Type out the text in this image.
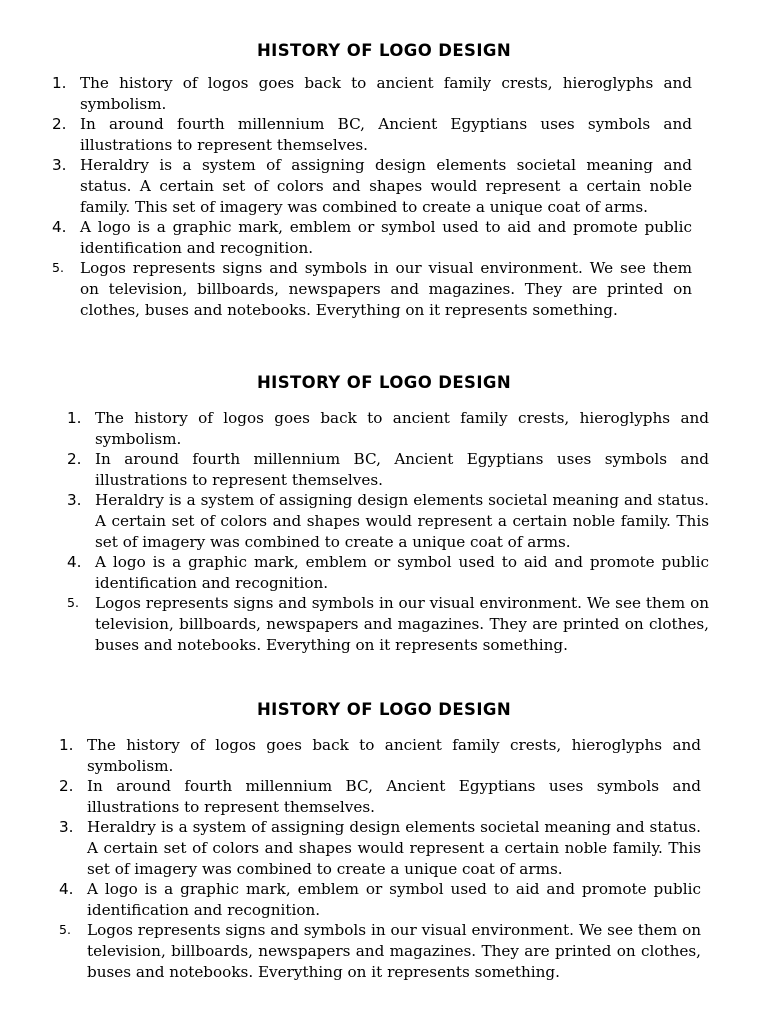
HISTORY OF LOGO DESIGN
1. The history of logos goes back to ancient family crests, hieroglyphs and symbolism.
2. In around fourth millennium BC, Ancient Egyptians uses symbols and illustrations to represent themselves.
3. Heraldry is a system of assigning design elements societal meaning and status. A certain set of colors and shapes would represent a certain noble family. This set of imagery was combined to create a unique coat of arms.
4. A logo is a graphic mark, emblem or symbol used to aid and promote public identification and recognition.
5. Logos represents signs and symbols in our visual environment. We see them on television, billboards, newspapers and magazines. They are printed on clothes, buses and notebooks. Everything on it represents something.
HISTORY OF LOGO DESIGN
1. The history of logos goes back to ancient family crests, hieroglyphs and symbolism.
2. In around fourth millennium BC, Ancient Egyptians uses symbols and illustrations to represent themselves.
3. Heraldry is a system of assigning design elements societal meaning and status. A certain set of colors and shapes would represent a certain noble family. This set of imagery was combined to create a unique coat of arms.
4. A logo is a graphic mark, emblem or symbol used to aid and promote public identification and recognition.
5. Logos represents signs and symbols in our visual environment. We see them on television, billboards, newspapers and magazines. They are printed on clothes, buses and notebooks. Everything on it represents something.
HISTORY OF LOGO DESIGN
1. The history of logos goes back to ancient family crests, hieroglyphs and symbolism.
2. In around fourth millennium BC, Ancient Egyptians uses symbols and illustrations to represent themselves.
3. Heraldry is a system of assigning design elements societal meaning and status. A certain set of colors and shapes would represent a certain noble family. This set of imagery was combined to create a unique coat of arms.
4. A logo is a graphic mark, emblem or symbol used to aid and promote public identification and recognition.
5. Logos represents signs and symbols in our visual environment. We see them on television, billboards, newspapers and magazines. They are printed on clothes, buses and notebooks. Everything on it represents something.
